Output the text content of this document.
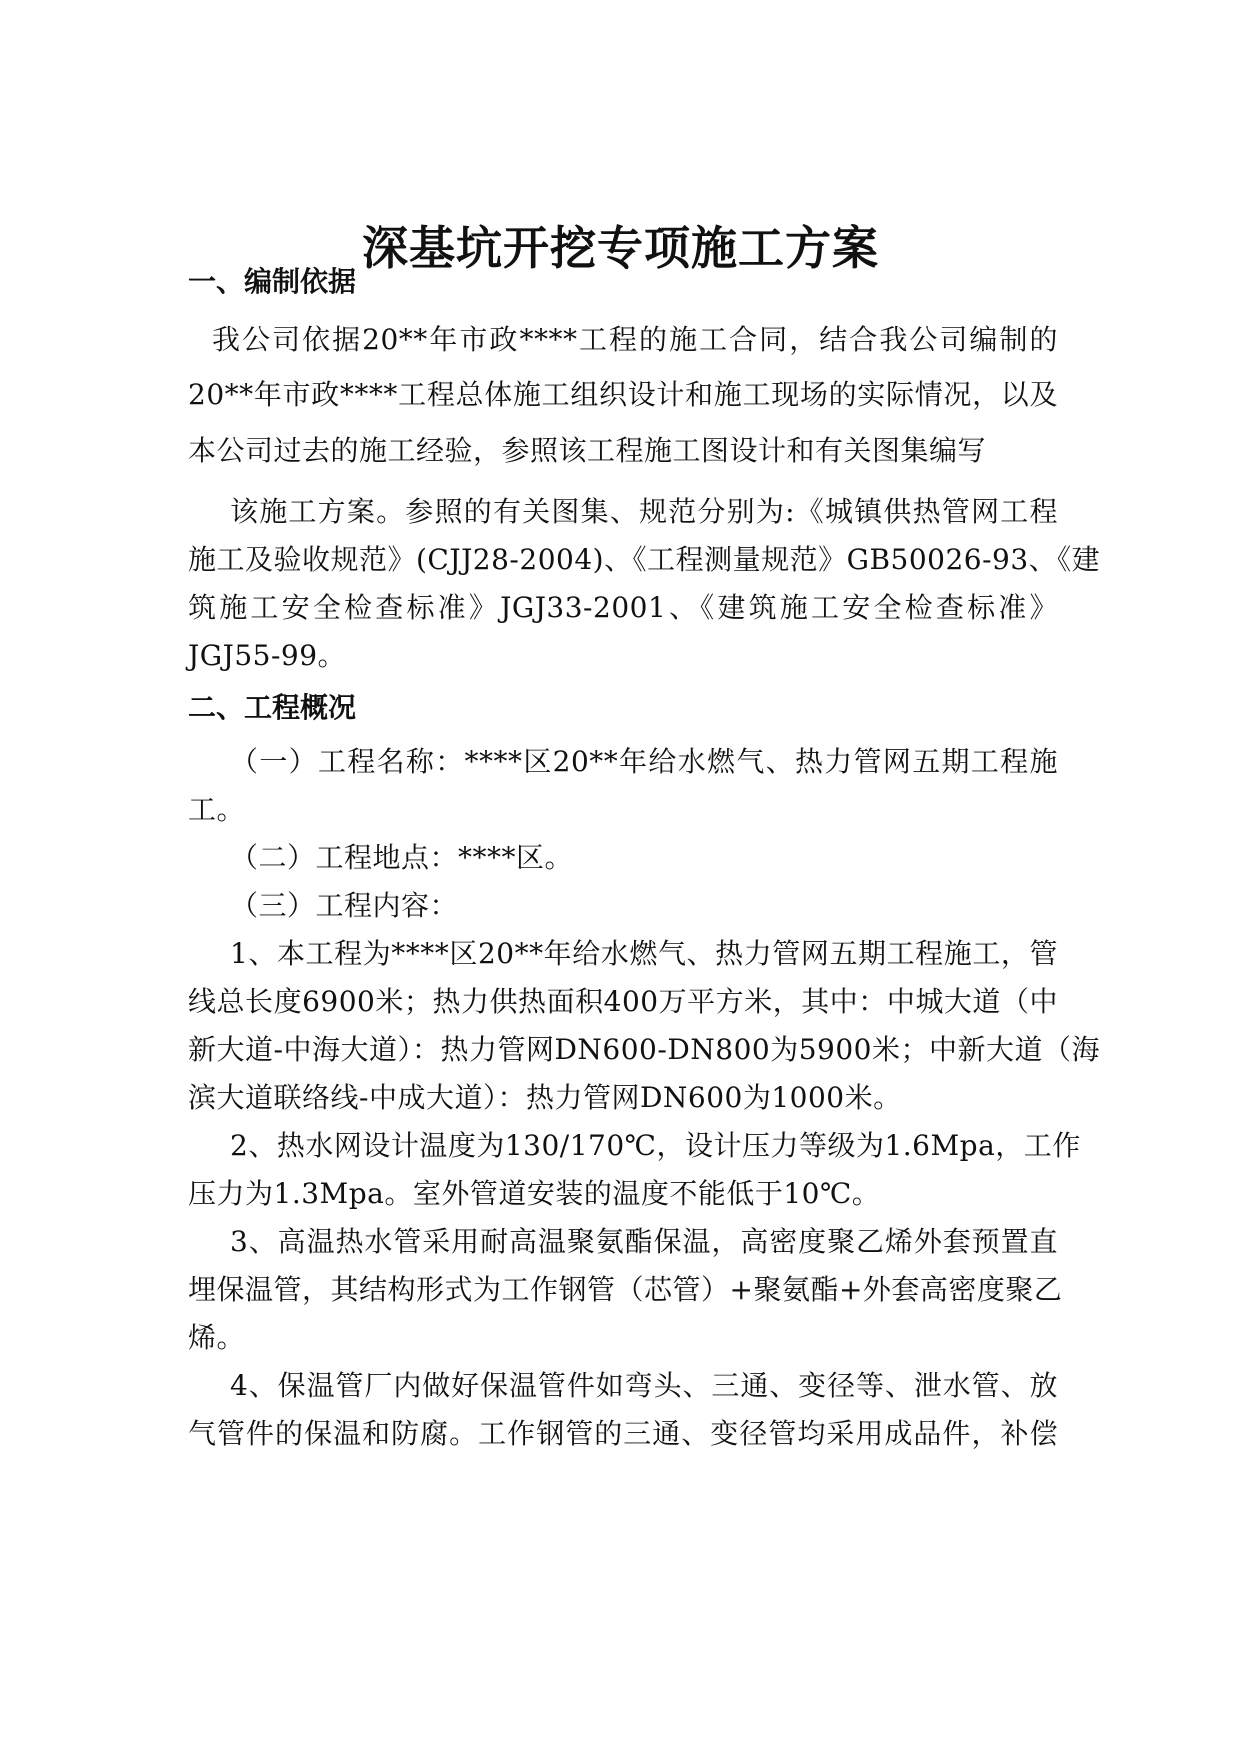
深基坑开挖专项施工方案
一、编制依据
我公司依据20**年市政****工程的施工合同，结合我公司编制的
20**年市政****工程总体施工组织设计和施工现场的实际情况，以及
本公司过去的施工经验，参照该工程施工图设计和有关图集编写
该施工方案。参照的有关图集、规范分别为:《城镇供热管网工程
施工及验收规范》(CJJ28-2004)、《工程测量规范》GB50026-93、《建
筑施工安全检查标准》JGJ33-2001、《建筑施工安全检查标准》
JGJ55-99。
二、工程概况
（一）工程名称：****区20**年给水燃气、热力管网五期工程施
工。
（二）工程地点：****区。
（三）工程内容：
1、本工程为****区20**年给水燃气、热力管网五期工程施工，管
线总长度6900米；热力供热面积400万平方米，其中：中城大道（中
新大道-中海大道）：热力管网DN600-DN800为5900米；中新大道（海
滨大道联络线-中成大道）：热力管网DN600为1000米。
2、热水网设计温度为130/170℃，设计压力等级为1.6Mpa，工作
压力为1.3Mpa。室外管道安装的温度不能低于10℃。
3、高温热水管采用耐高温聚氨酯保温，高密度聚乙烯外套预置直
埋保温管，其结构形式为工作钢管（芯管）+聚氨酯+外套高密度聚乙
烯。
4、保温管厂内做好保温管件如弯头、三通、变径等、泄水管、放
气管件的保温和防腐。工作钢管的三通、变径管均采用成品件，补偿
